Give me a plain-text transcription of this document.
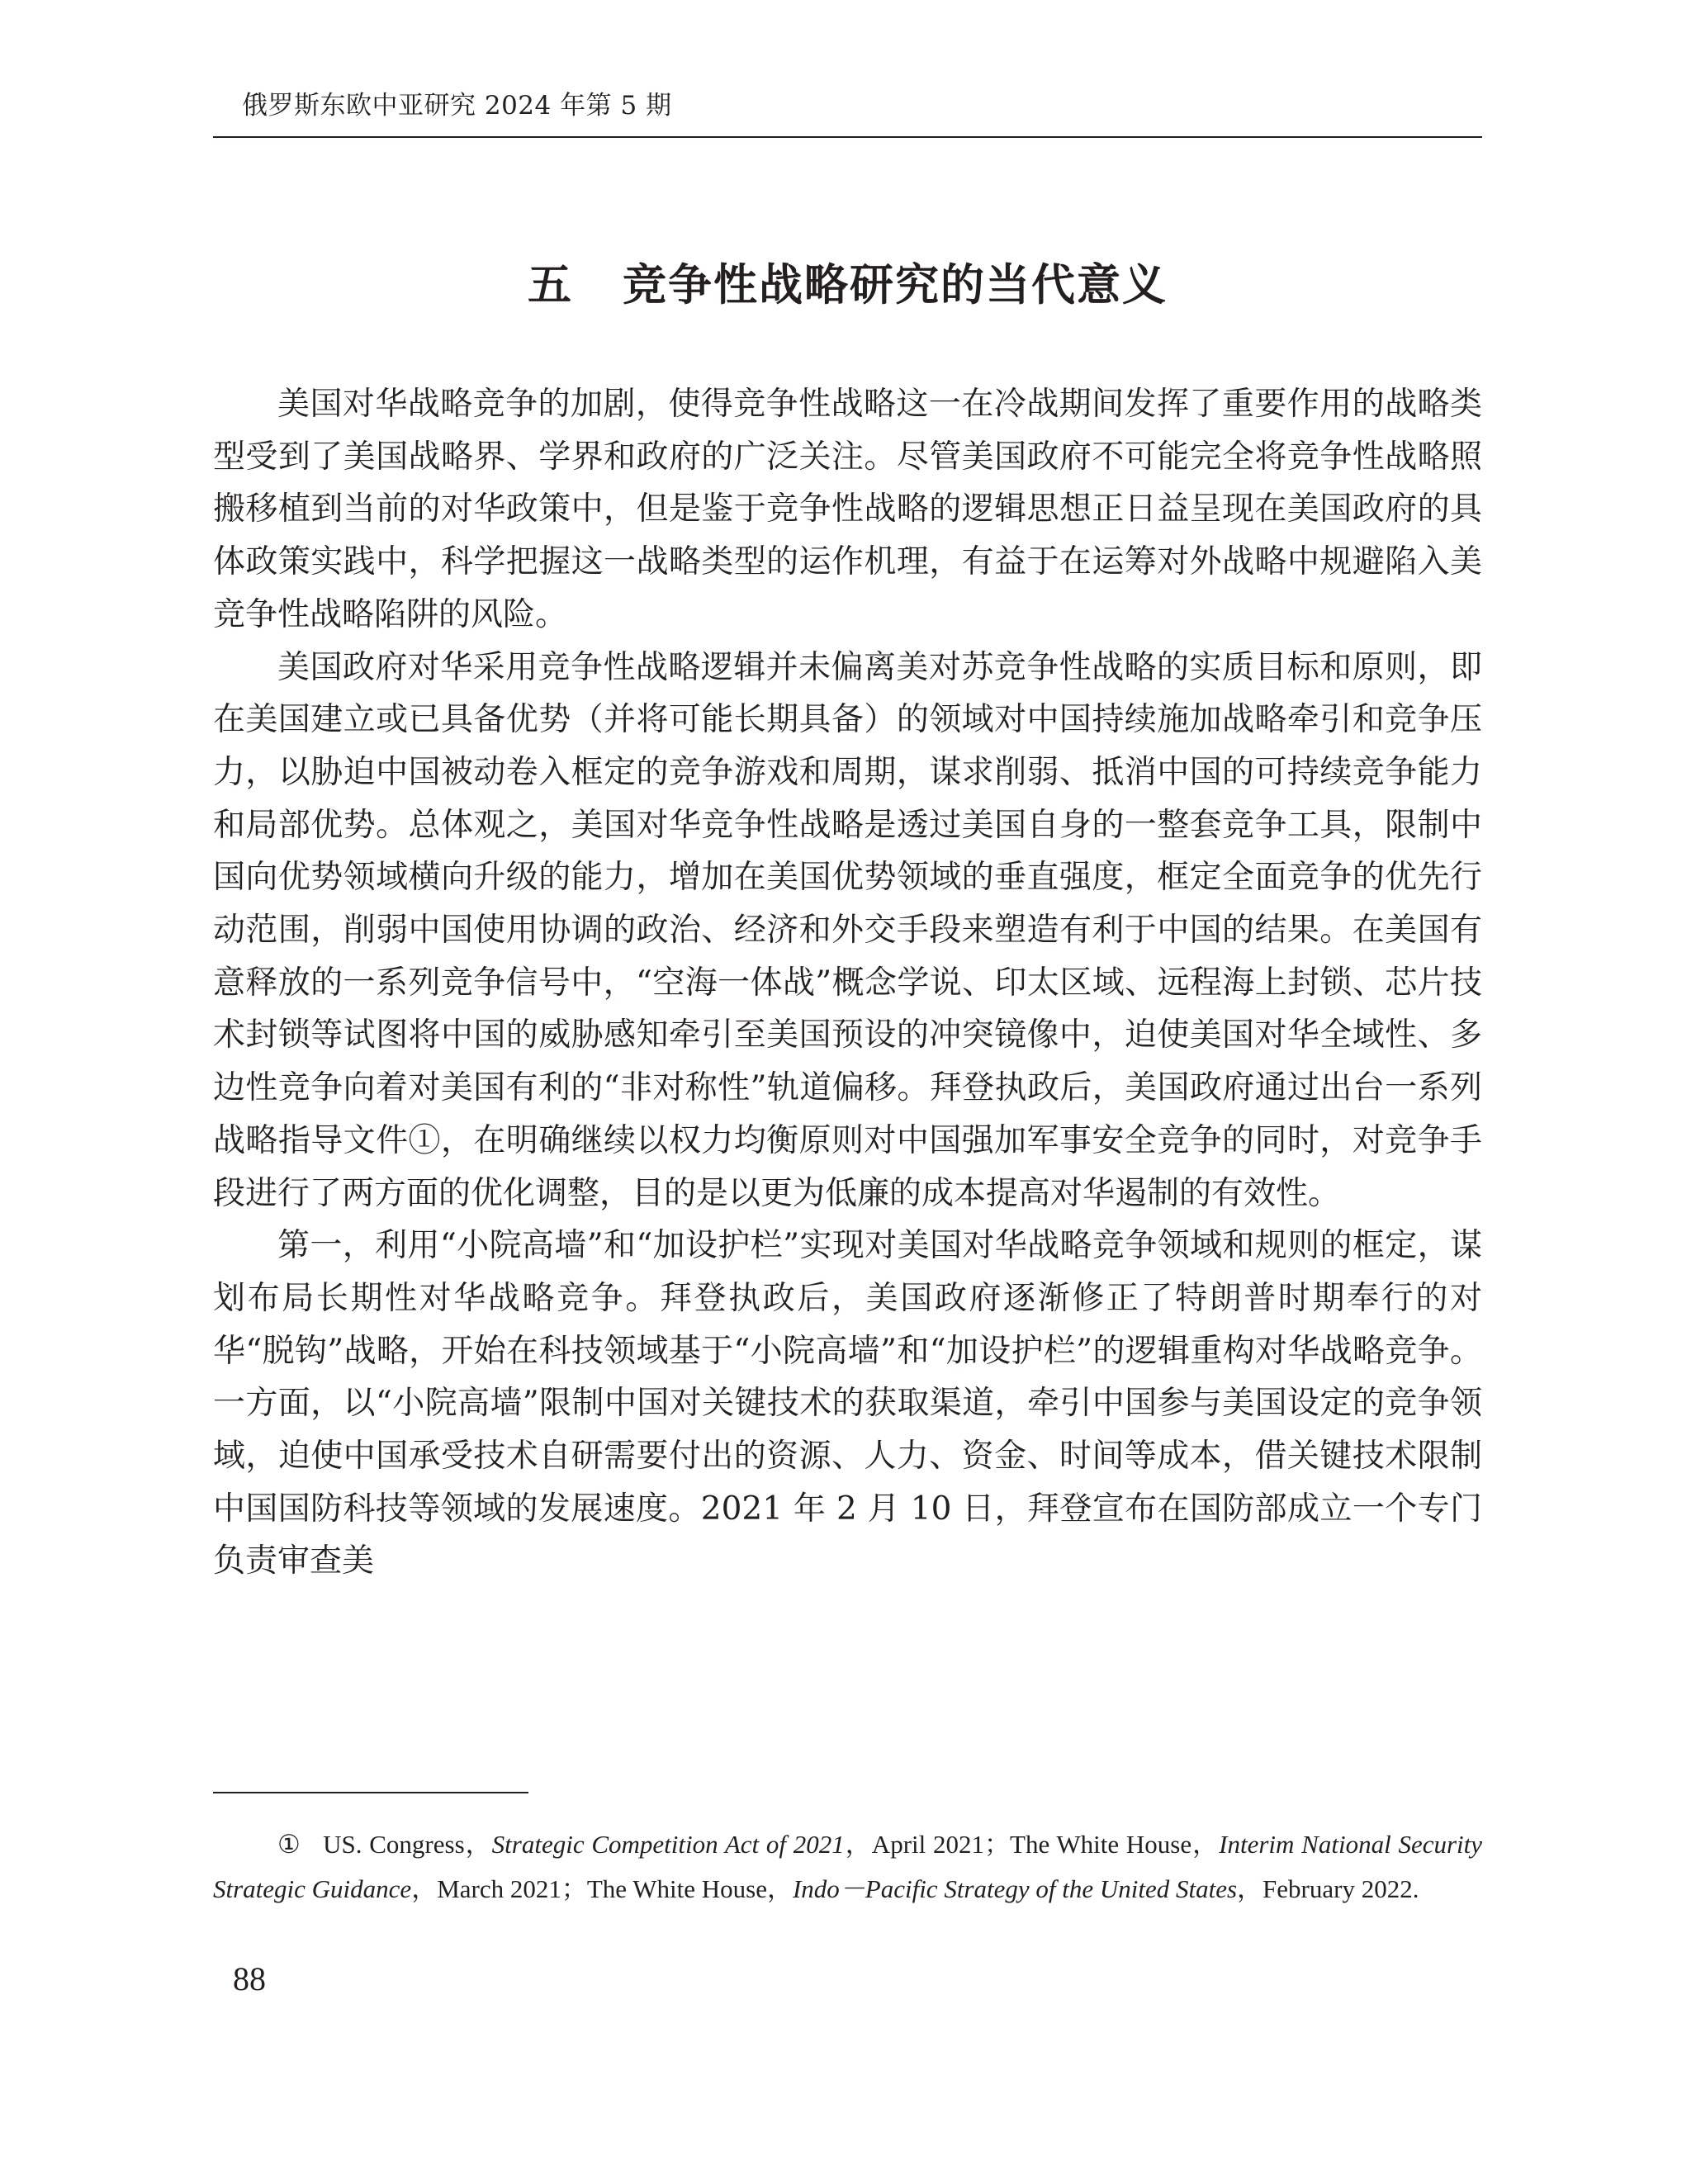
俄罗斯东欧中亚研究 2024 年第 5 期
五 竞争性战略研究的当代意义

美国对华战略竞争的加剧，使得竞争性战略这一在冷战期间发挥了重要作用的战略类型受到了美国战略界、学界和政府的广泛关注。尽管美国政府不可能完全将竞争性战略照搬移植到当前的对华政策中，但是鉴于竞争性战略的逻辑思想正日益呈现在美国政府的具体政策实践中，科学把握这一战略类型的运作机理，有益于在运筹对外战略中规避陷入美竞争性战略陷阱的风险。

美国政府对华采用竞争性战略逻辑并未偏离美对苏竞争性战略的实质目标和原则，即在美国建立或已具备优势（并将可能长期具备）的领域对中国持续施加战略牵引和竞争压力，以胁迫中国被动卷入框定的竞争游戏和周期，谋求削弱、抵消中国的可持续竞争能力和局部优势。总体观之，美国对华竞争性战略是透过美国自身的一整套竞争工具，限制中国向优势领域横向升级的能力，增加在美国优势领域的垂直强度，框定全面竞争的优先行动范围，削弱中国使用协调的政治、经济和外交手段来塑造有利于中国的结果。在美国有意释放的一系列竞争信号中，“空海一体战”概念学说、印太区域、远程海上封锁、芯片技术封锁等试图将中国的威胁感知牵引至美国预设的冲突镜像中，迫使美国对华全域性、多边性竞争向着对美国有利的“非对称性”轨道偏移。拜登执政后，美国政府通过出台一系列战略指导文件①，在明确继续以权力均衡原则对中国强加军事安全竞争的同时，对竞争手段进行了两方面的优化调整，目的是以更为低廉的成本提高对华遏制的有效性。

第一，利用“小院高墙”和“加设护栏”实现对美国对华战略竞争领域和规则的框定，谋划布局长期性对华战略竞争。拜登执政后，美国政府逐渐修正了特朗普时期奉行的对华“脱钩”战略，开始在科技领域基于“小院高墙”和“加设护栏”的逻辑重构对华战略竞争。一方面，以“小院高墙”限制中国对关键技术的获取渠道，牵引中国参与美国设定的竞争领域，迫使中国承受技术自研需要付出的资源、人力、资金、时间等成本，借关键技术限制中国国防科技等领域的发展速度。2021 年 2 月 10 日，拜登宣布在国防部成立一个专门负责审查美

① US. Congress，Strategic Competition Act of 2021，April 2021；The White House，Interim National Security Strategic Guidance，March 2021；The White House，Indo－Pacific Strategy of the United States，February 2022.

88
